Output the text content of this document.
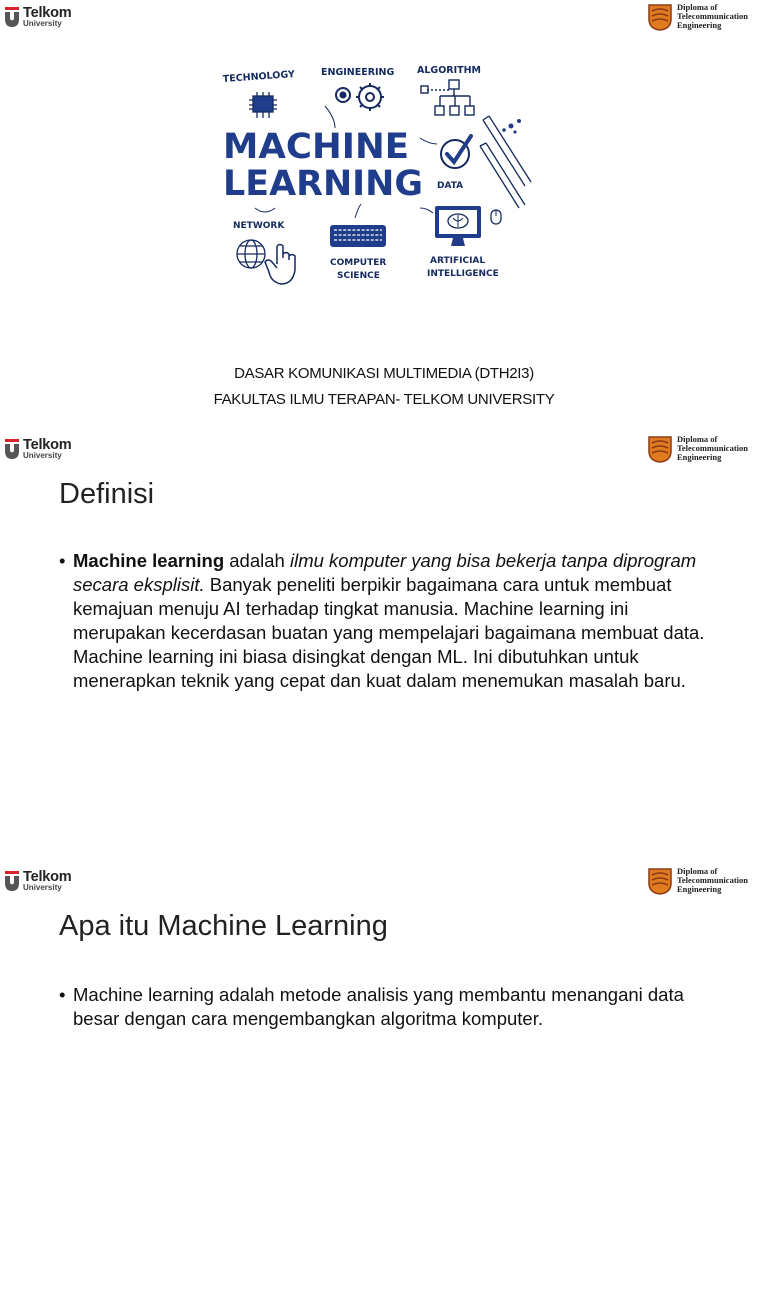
Telkom
University
Diploma of
Telecommunication
Engineering
TECHNOLOGY	ENGINEERING ALGORITHM
DATA
NETWORK
COMPUTER
SCIENCE
ARTIFICIAL
INTELLIGENCE
MACHINE
LEARNING
DASAR KOMUNIKASI MULTIMEDIA (DTH2I3)
FAKULTAS ILMU TERAPAN- TELKOM UNIVERSITY
Telkom
University
Diploma of
Telecommunication
Engineering
Definisi
• Machine learning adalah ilmu komputer yang bisa bekerja tanpa diprogram secara eksplisit. Banyak peneliti berpikir bagaimana cara untuk membuat kemajuan menuju AI terhadap tingkat manusia. Machine learning ini merupakan kecerdasan buatan yang mempelajari bagaimana membuat data. Machine learning ini biasa disingkat dengan ML. Ini dibutuhkan untuk menerapkan teknik yang cepat dan kuat dalam menemukan masalah baru.
Telkom
University
Diploma of
Telecommunication
Engineering
Apa itu Machine Learning
• Machine learning adalah metode analisis yang membantu menangani data besar dengan cara mengembangkan algoritma komputer.
